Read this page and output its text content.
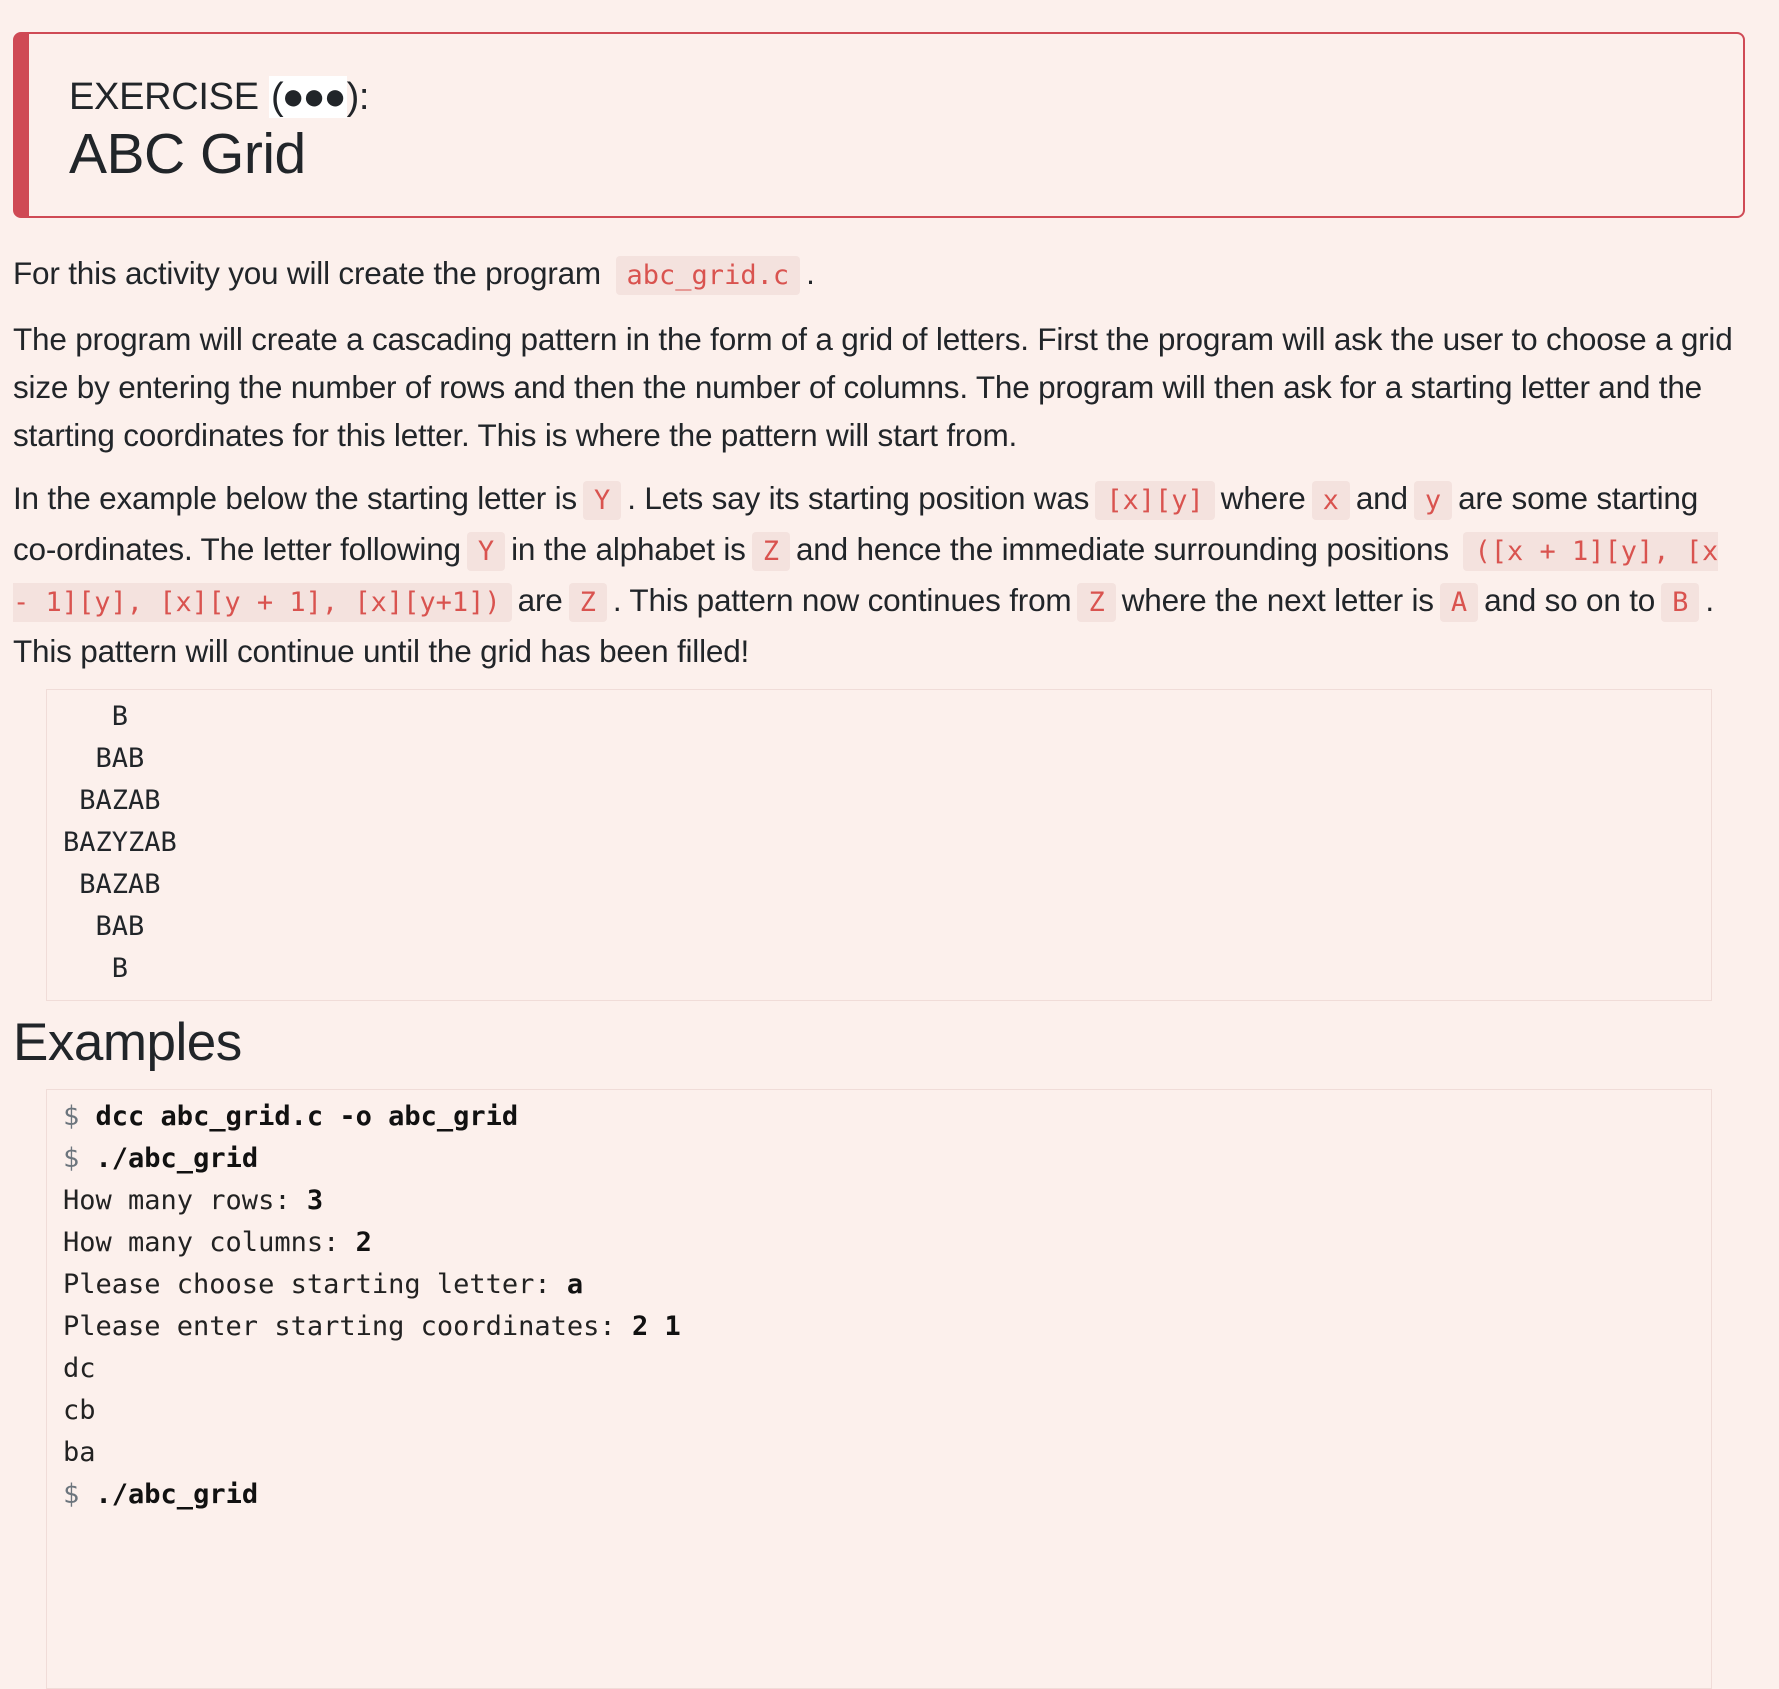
EXERCISE (●●●):
ABC Grid

For this activity you will create the program abc_grid.c .

The program will create a cascading pattern in the form of a grid of letters. First the program will ask the user to choose a grid size by entering the number of rows and then the number of columns. The program will then ask for a starting letter and the starting coordinates for this letter. This is where the pattern will start from.

In the example below the starting letter is Y . Lets say its starting position was [x][y] where x and y are some starting co-ordinates. The letter following Y in the alphabet is Z and hence the immediate surrounding positions ([x + 1][y], [x - 1][y], [x][y + 1], [x][y+1]) are Z . This pattern now continues from Z where the next letter is A and so on to B . This pattern will continue until the grid has been filled!

B
BAB
BAZAB
BAZYZAB
BAZAB
BAB
B
Examples
$ dcc abc_grid.c -o abc_grid
$ ./abc_grid
How many rows: 3
How many columns: 2
Please choose starting letter: a
Please enter starting coordinates: 2 1
dc
cb
ba
$ ./abc_grid
